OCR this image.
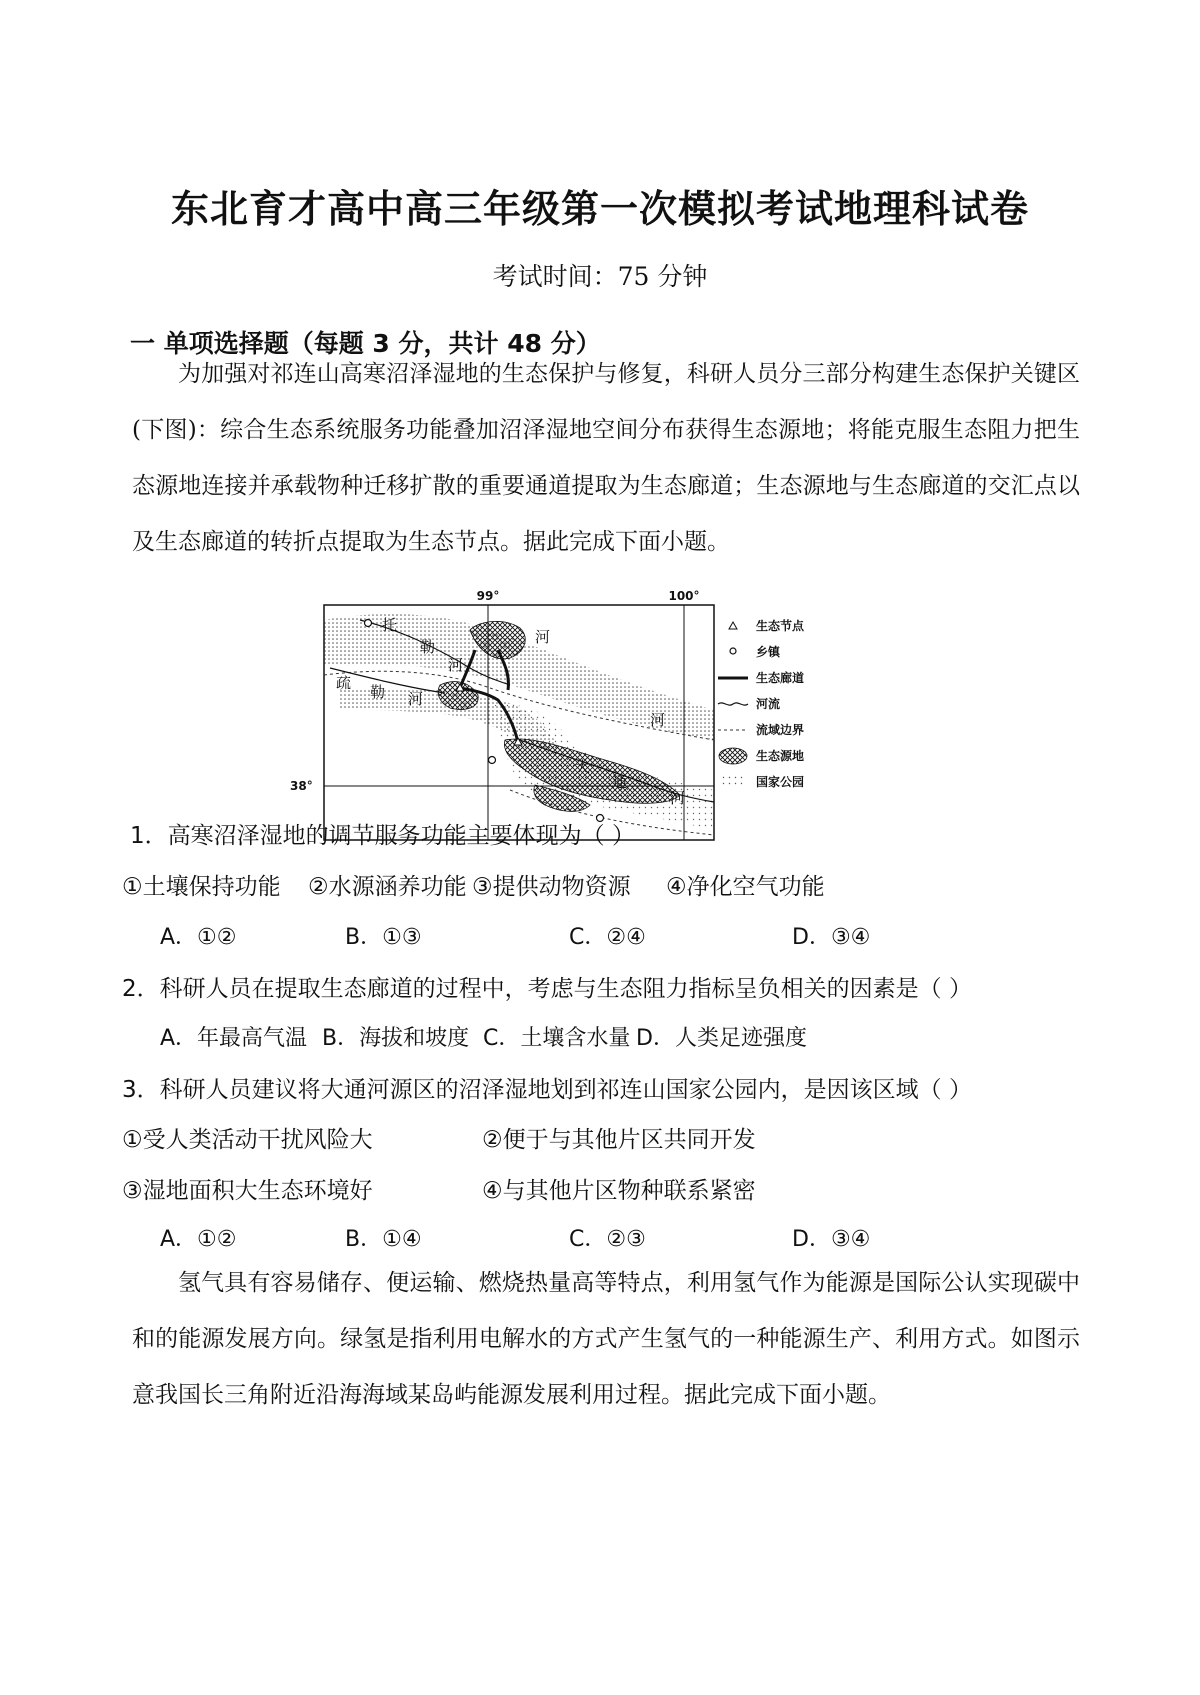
东北育才高中高三年级第一次模拟考试地理科试卷
考试时间：75 分钟
一 单项选择题（每题 3 分，共计 48 分）

为加强对祁连山高寒沼泽湿地的生态保护与修复，科研人员分三部分构建生态保护关键区(下图)：综合生态系统服务功能叠加沼泽湿地空间分布获得生态源地；将能克服生态阻力把生态源地连接并承载物种迁移扩散的重要通道提取为生态廊道；生态源地与生态廊道的交汇点以及生态廊道的转折点提取为生态节点。据此完成下面小题。

99°	100°
38°
托
勒
河
疏 勒 河
大
通
河
河
河
生态节点
乡镇
生态廊道
河流
流域边界
生态源地
国家公园
1．高寒沼泽湿地的调节服务功能主要体现为（ ）
①土壤保持功能 ②水源涵养功能 ③提供动物资源 ④净化空气功能
A．①②	B．①③	C．②④	D．③④
2．科研人员在提取生态廊道的过程中，考虑与生态阻力指标呈负相关的因素是（ ）
A．年最高气温 B．海拔和坡度 C．土壤含水量 D．人类足迹强度
3．科研人员建议将大通河源区的沼泽湿地划到祁连山国家公园内，是因该区域（ ）
①受人类活动干扰风险大	②便于与其他片区共同开发
③湿地面积大生态环境好	④与其他片区物种联系紧密
A．①②	B．①④	C．②③	D．③④

氢气具有容易储存、便运输、燃烧热量高等特点，利用氢气作为能源是国际公认实现碳中和的能源发展方向。绿氢是指利用电解水的方式产生氢气的一种能源生产、利用方式。如图示意我国长三角附近沿海海域某岛屿能源发展利用过程。据此完成下面小题。
